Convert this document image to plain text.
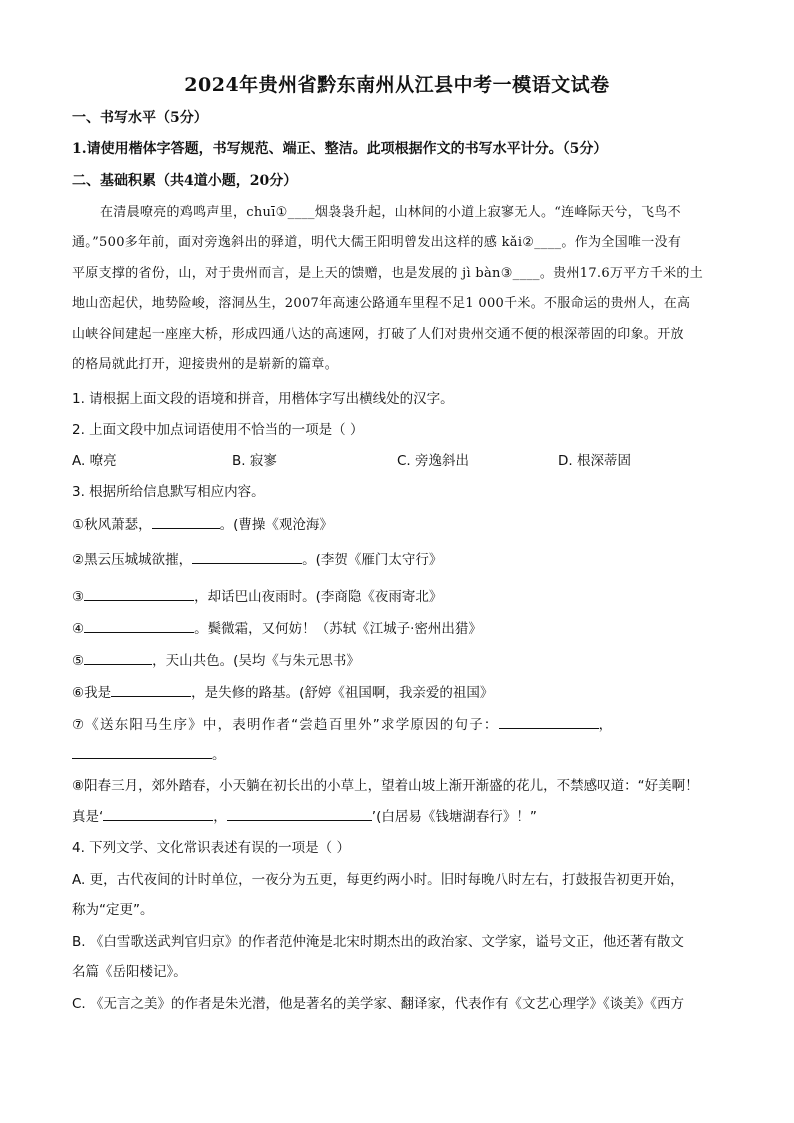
2024年贵州省黔东南州从江县中考一模语文试卷
一、书写水平（5分）
1.请使用楷体字答题，书写规范、端正、整洁。此项根据作文的书写水平计分。（5分）
二、基础积累（共4道小题，20分）
在清晨嘹亮的鸡鸣声里，chuī①____烟袅袅升起，山林间的小道上寂寥无人。“连峰际天兮，飞鸟不
通。”500多年前，面对旁逸斜出的驿道，明代大儒王阳明曾发出这样的感 kǎi②____。作为全国唯一没有
平原支撑的省份，山，对于贵州而言，是上天的馈赠，也是发展的 jì bàn③____。贵州17.6万平方千米的土
地山峦起伏，地势险峻，溶洞丛生，2007年高速公路通车里程不足1 000千米。不服命运的贵州人，在高
山峡谷间建起一座座大桥，形成四通八达的高速网，打破了人们对贵州交通不便的根深蒂固的印象。开放
的格局就此打开，迎接贵州的是崭新的篇章。
1. 请根据上面文段的语境和拼音，用楷体字写出横线处的汉字。
2. 上面文段中加点词语使用不恰当的一项是（ ）
A. 嘹亮	B. 寂寥	C. 旁逸斜出	D. 根深蒂固
3. 根据所给信息默写相应内容。
①秋风萧瑟，	。(曹操《观沧海》
②黑云压城城欲摧，	。(李贺《雁门太守行》
③	，却话巴山夜雨时。(李商隐《夜雨寄北》
④	。鬓微霜，又何妨！（苏轼《江城子·密州出猎》
⑤	，天山共色。(吴均《与朱元思书》
⑥我是	，是失修的路基。(舒婷《祖国啊，我亲爱的祖国》
⑦《送东阳马生序》中，表明作者“尝趋百里外”求学原因的句子：	，
。
⑧阳春三月，郊外踏春，小天躺在初长出的小草上，望着山坡上渐开渐盛的花儿，不禁感叹道：“好美啊！
真是‘	，	’(白居易《钱塘湖春行》！”
4. 下列文学、文化常识表述有误的一项是（ ）
A. 更，古代夜间的计时单位，一夜分为五更，每更约两小时。旧时每晚八时左右，打鼓报告初更开始，
称为“定更”。
B. 《白雪歌送武判官归京》的作者范仲淹是北宋时期杰出的政治家、文学家，谥号文正，他还著有散文
名篇《岳阳楼记》。
C. 《无言之美》的作者是朱光潜，他是著名的美学家、翻译家，代表作有《文艺心理学》《谈美》《西方
